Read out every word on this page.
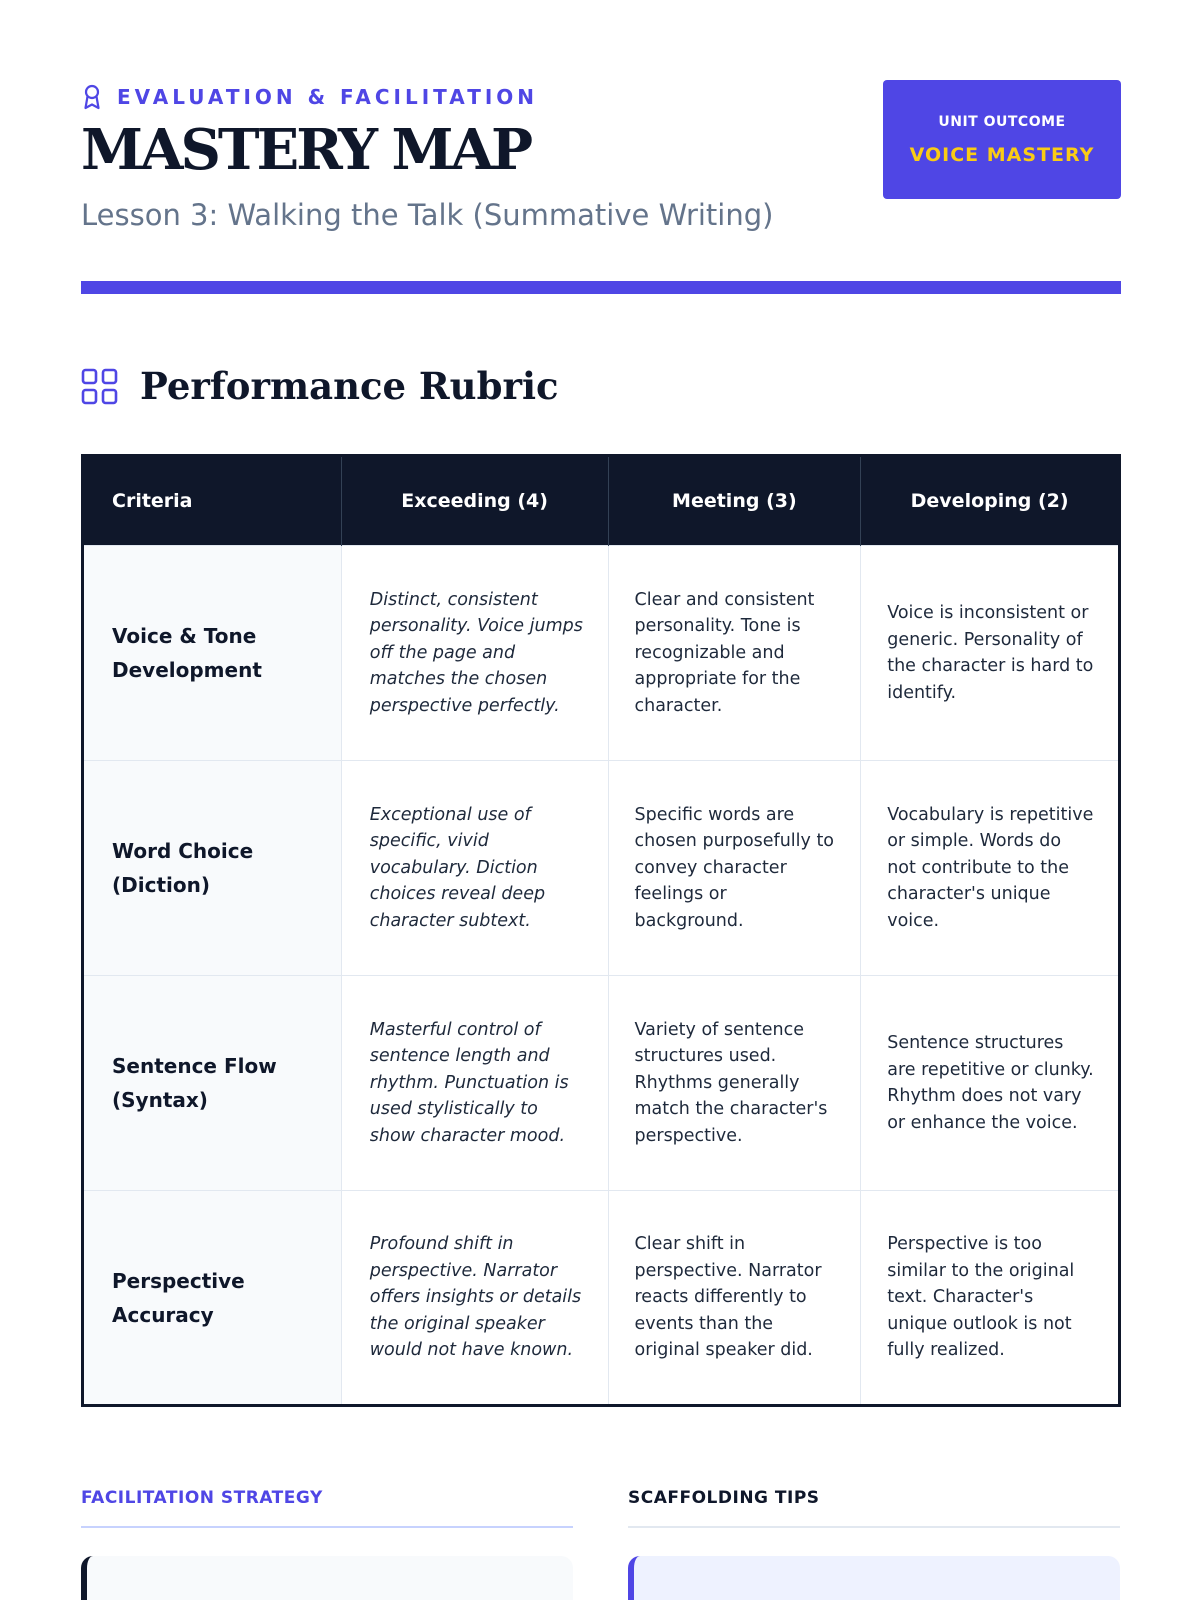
EVALUATION & FACILITATION
MASTERY MAP
Lesson 3: Walking the Talk (Summative Writing)
UNIT OUTCOME
VOICE MASTERY
Performance Rubric
Criteria	Exceeding (4)	Meeting (3)	Developing (2)
Voice & Tone Development	Distinct, consistent personality. Voice jumps off the page and matches the chosen perspective perfectly.	Clear and consistent personality. Tone is recognizable and appropriate for the character.	Voice is inconsistent or generic. Personality of the character is hard to identify.
Word Choice (Diction)	Exceptional use of specific, vivid vocabulary. Diction choices reveal deep character subtext.	Specific words are chosen purposefully to convey character feelings or background.	Vocabulary is repetitive or simple. Words do not contribute to the character's unique voice.
Sentence Flow (Syntax)	Masterful control of sentence length and rhythm. Punctuation is used stylistically to show character mood.	Variety of sentence structures used. Rhythms generally match the character's perspective.	Sentence structures are repetitive or clunky. Rhythm does not vary or enhance the voice.
Perspective Accuracy	Profound shift in perspective. Narrator offers insights or details the original speaker would not have known.	Clear shift in perspective. Narrator reacts differently to events than the original speaker did.	Perspective is too similar to the original text. Character's unique outlook is not fully realized.
FACILITATION STRATEGY	SCAFFOLDING TIPS
